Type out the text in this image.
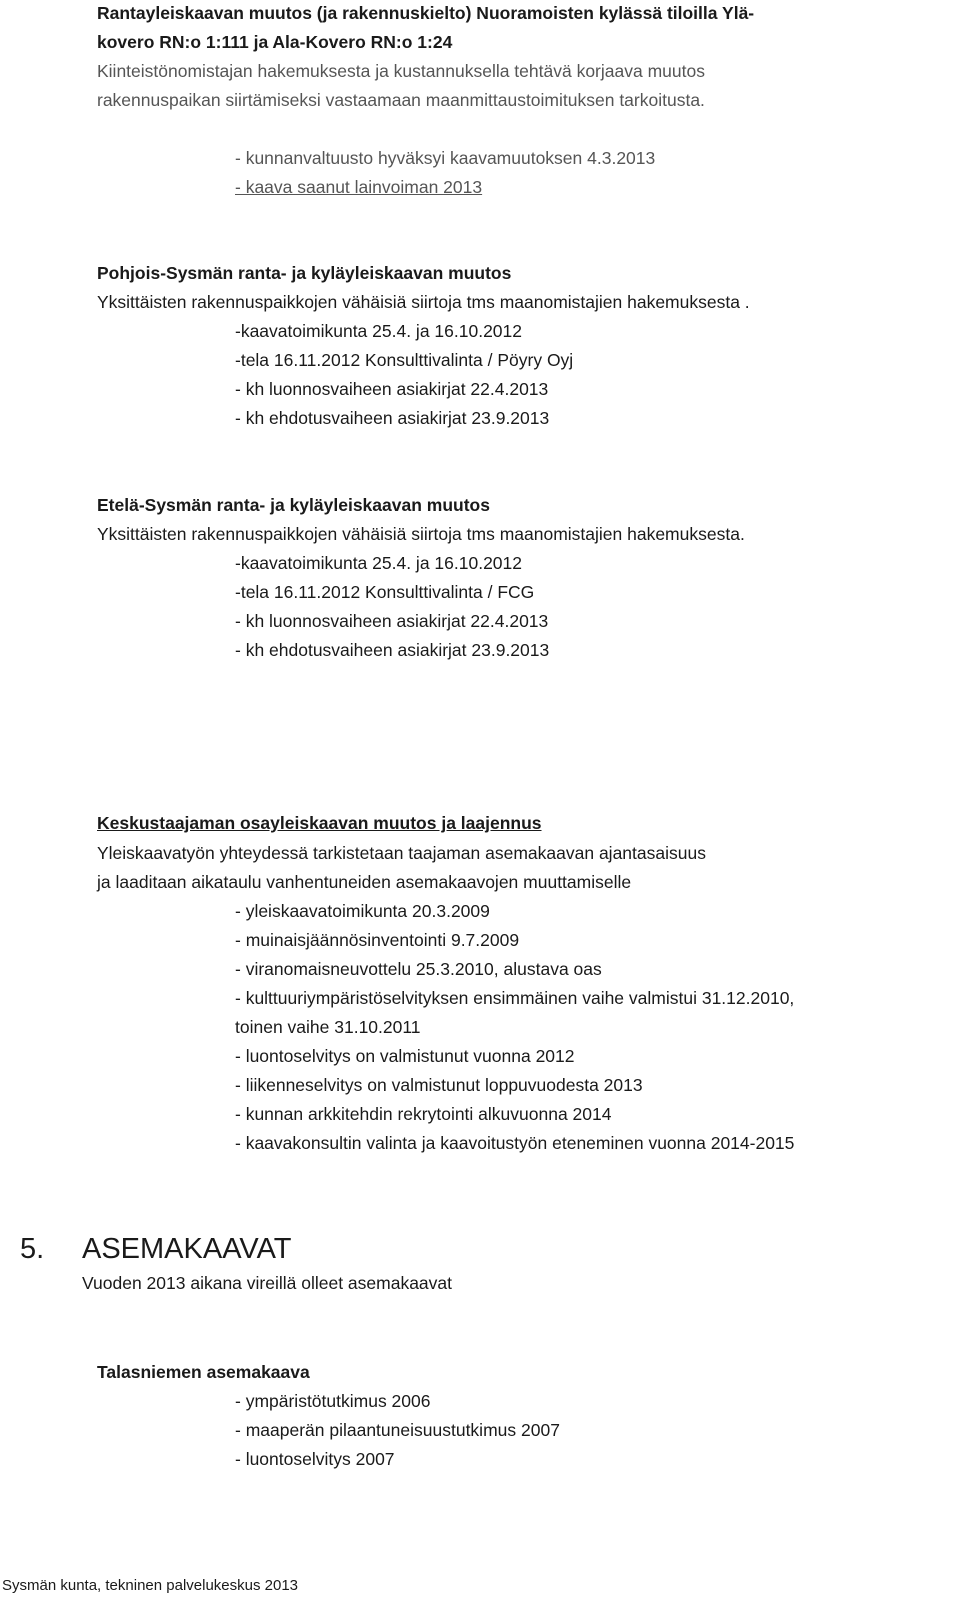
Rantayleiskaavan muutos (ja rakennuskielto) Nuoramoisten kylässä tiloilla Ylä-
kovero RN:o 1:111 ja Ala-Kovero RN:o 1:24
Kiinteistönomistajan hakemuksesta ja kustannuksella tehtävä korjaava muutos
rakennuspaikan siirtämiseksi vastaamaan maanmittaustoimituksen tarkoitusta.
- kunnanvaltuusto hyväksyi kaavamuutoksen 4.3.2013
- kaava saanut lainvoiman 2013
Pohjois-Sysmän ranta- ja kyläyleiskaavan muutos
Yksittäisten rakennuspaikkojen vähäisiä siirtoja tms maanomistajien hakemuksesta .
-kaavatoimikunta 25.4. ja 16.10.2012
-tela 16.11.2012 Konsulttivalinta / Pöyry Oyj
- kh luonnosvaiheen asiakirjat 22.4.2013
- kh ehdotusvaiheen asiakirjat 23.9.2013
Etelä-Sysmän ranta- ja kyläyleiskaavan muutos
Yksittäisten rakennuspaikkojen vähäisiä siirtoja tms maanomistajien hakemuksesta.
-kaavatoimikunta 25.4. ja 16.10.2012
-tela 16.11.2012 Konsulttivalinta / FCG
- kh luonnosvaiheen asiakirjat 22.4.2013
- kh ehdotusvaiheen asiakirjat 23.9.2013
Keskustaajaman osayleiskaavan muutos ja laajennus
Yleiskaavatyön yhteydessä tarkistetaan taajaman asemakaavan ajantasaisuus
ja laaditaan aikataulu vanhentuneiden asemakaavojen muuttamiselle
- yleiskaavatoimikunta 20.3.2009
- muinaisjäännösinventointi 9.7.2009
- viranomaisneuvottelu 25.3.2010, alustava oas
- kulttuuriympäristöselvityksen ensimmäinen vaihe valmistui 31.12.2010,
toinen vaihe 31.10.2011
- luontoselvitys on valmistunut vuonna 2012
- liikenneselvitys on valmistunut loppuvuodesta 2013
- kunnan arkkitehdin rekrytointi alkuvuonna 2014
- kaavakonsultin valinta ja kaavoitustyön eteneminen vuonna 2014-2015
5. ASEMAKAAVAT
Vuoden 2013 aikana vireillä olleet asemakaavat
Talasniemen asemakaava
- ympäristötutkimus 2006
- maaperän pilaantuneisuustutkimus 2007
- luontoselvitys 2007
Sysmän kunta, tekninen palvelukeskus 2013
